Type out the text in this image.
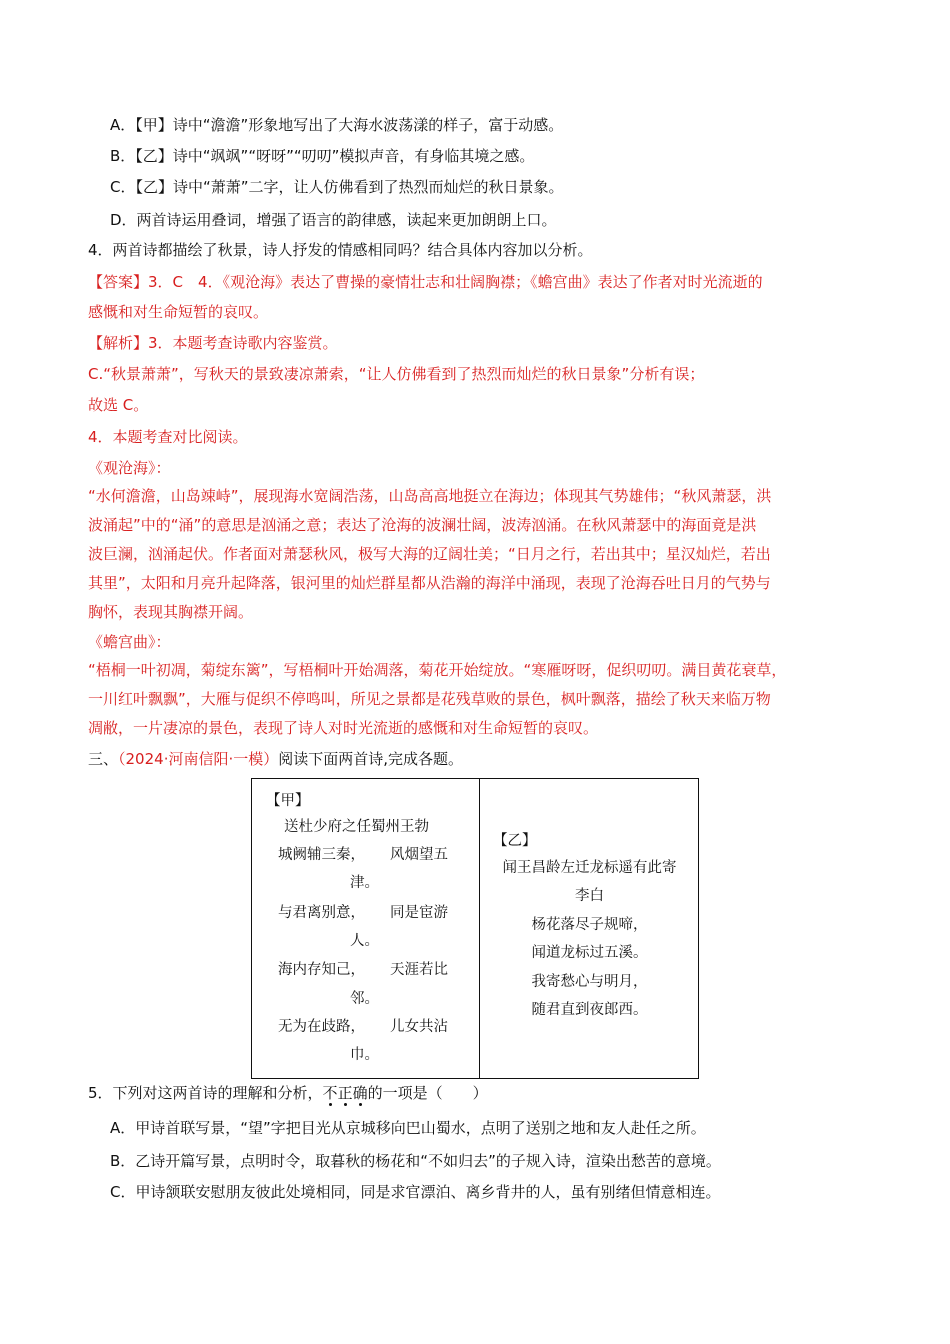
A．【甲】诗中“澹澹”形象地写出了大海水波荡漾的样子，富于动感。
B．【乙】诗中“飒飒”“呀呀”“叨叨”模拟声音，有身临其境之感。
C．【乙】诗中“萧萧”二字，让人仿佛看到了热烈而灿烂的秋日景象。
D．两首诗运用叠词，增强了语言的韵律感，读起来更加朗朗上口。
4．两首诗都描绘了秋景，诗人抒发的情感相同吗？结合具体内容加以分析。
【答案】3．C　4．《观沧海》表达了曹操的豪情壮志和壮阔胸襟；《蟾宫曲》表达了作者对时光流逝的
感慨和对生命短暂的哀叹。
【解析】3．本题考查诗歌内容鉴赏。
C.“秋景萧萧”，写秋天的景致凄凉萧索，“让人仿佛看到了热烈而灿烂的秋日景象”分析有误；
故选 C。
4．本题考查对比阅读。
《观沧海》：
“水何澹澹，山岛竦峙”，展现海水宽阔浩荡，山岛高高地挺立在海边；体现其气势雄伟；“秋风萧瑟，洪
波涌起”中的“涌”的意思是汹涌之意；表达了沧海的波澜壮阔，波涛汹涌。在秋风萧瑟中的海面竟是洪
波巨澜，汹涌起伏。作者面对萧瑟秋风，极写大海的辽阔壮美；“日月之行，若出其中；星汉灿烂，若出
其里”，太阳和月亮升起降落，银河里的灿烂群星都从浩瀚的海洋中涌现，表现了沧海吞吐日月的气势与
胸怀，表现其胸襟开阔。
《蟾宫曲》：
“梧桐一叶初凋，菊绽东篱”，写梧桐叶开始凋落，菊花开始绽放。“寒雁呀呀，促织叨叨。满目黄花衰草，
一川红叶飘飘”，大雁与促织不停鸣叫，所见之景都是花残草败的景色，枫叶飘落，描绘了秋天来临万物
凋敝，一片凄凉的景色，表现了诗人对时光流逝的感慨和对生命短暂的哀叹。
三、（2024·河南信阳·一模）阅读下面两首诗,完成各题。
【甲】
送杜少府之任蜀州王勃
城阙辅三秦， 风烟望五
津。
与君离别意， 同是宦游
人。
海内存知己， 天涯若比
邻。
无为在歧路， 儿女共沾
巾。
【乙】
闻王昌龄左迁龙标遥有此寄
李白
杨花落尽子规啼，
闻道龙标过五溪。
我寄愁心与明月，
随君直到夜郎西。
5．下列对这两首诗的理解和分析，不正确的一项是（　　）
A．甲诗首联写景，“望”字把目光从京城移向巴山蜀水，点明了送别之地和友人赴任之所。
B．乙诗开篇写景，点明时令，取暮秋的杨花和“不如归去”的子规入诗，渲染出愁苦的意境。
C．甲诗颔联安慰朋友彼此处境相同，同是求官漂泊、离乡背井的人，虽有别绪但情意相连。
